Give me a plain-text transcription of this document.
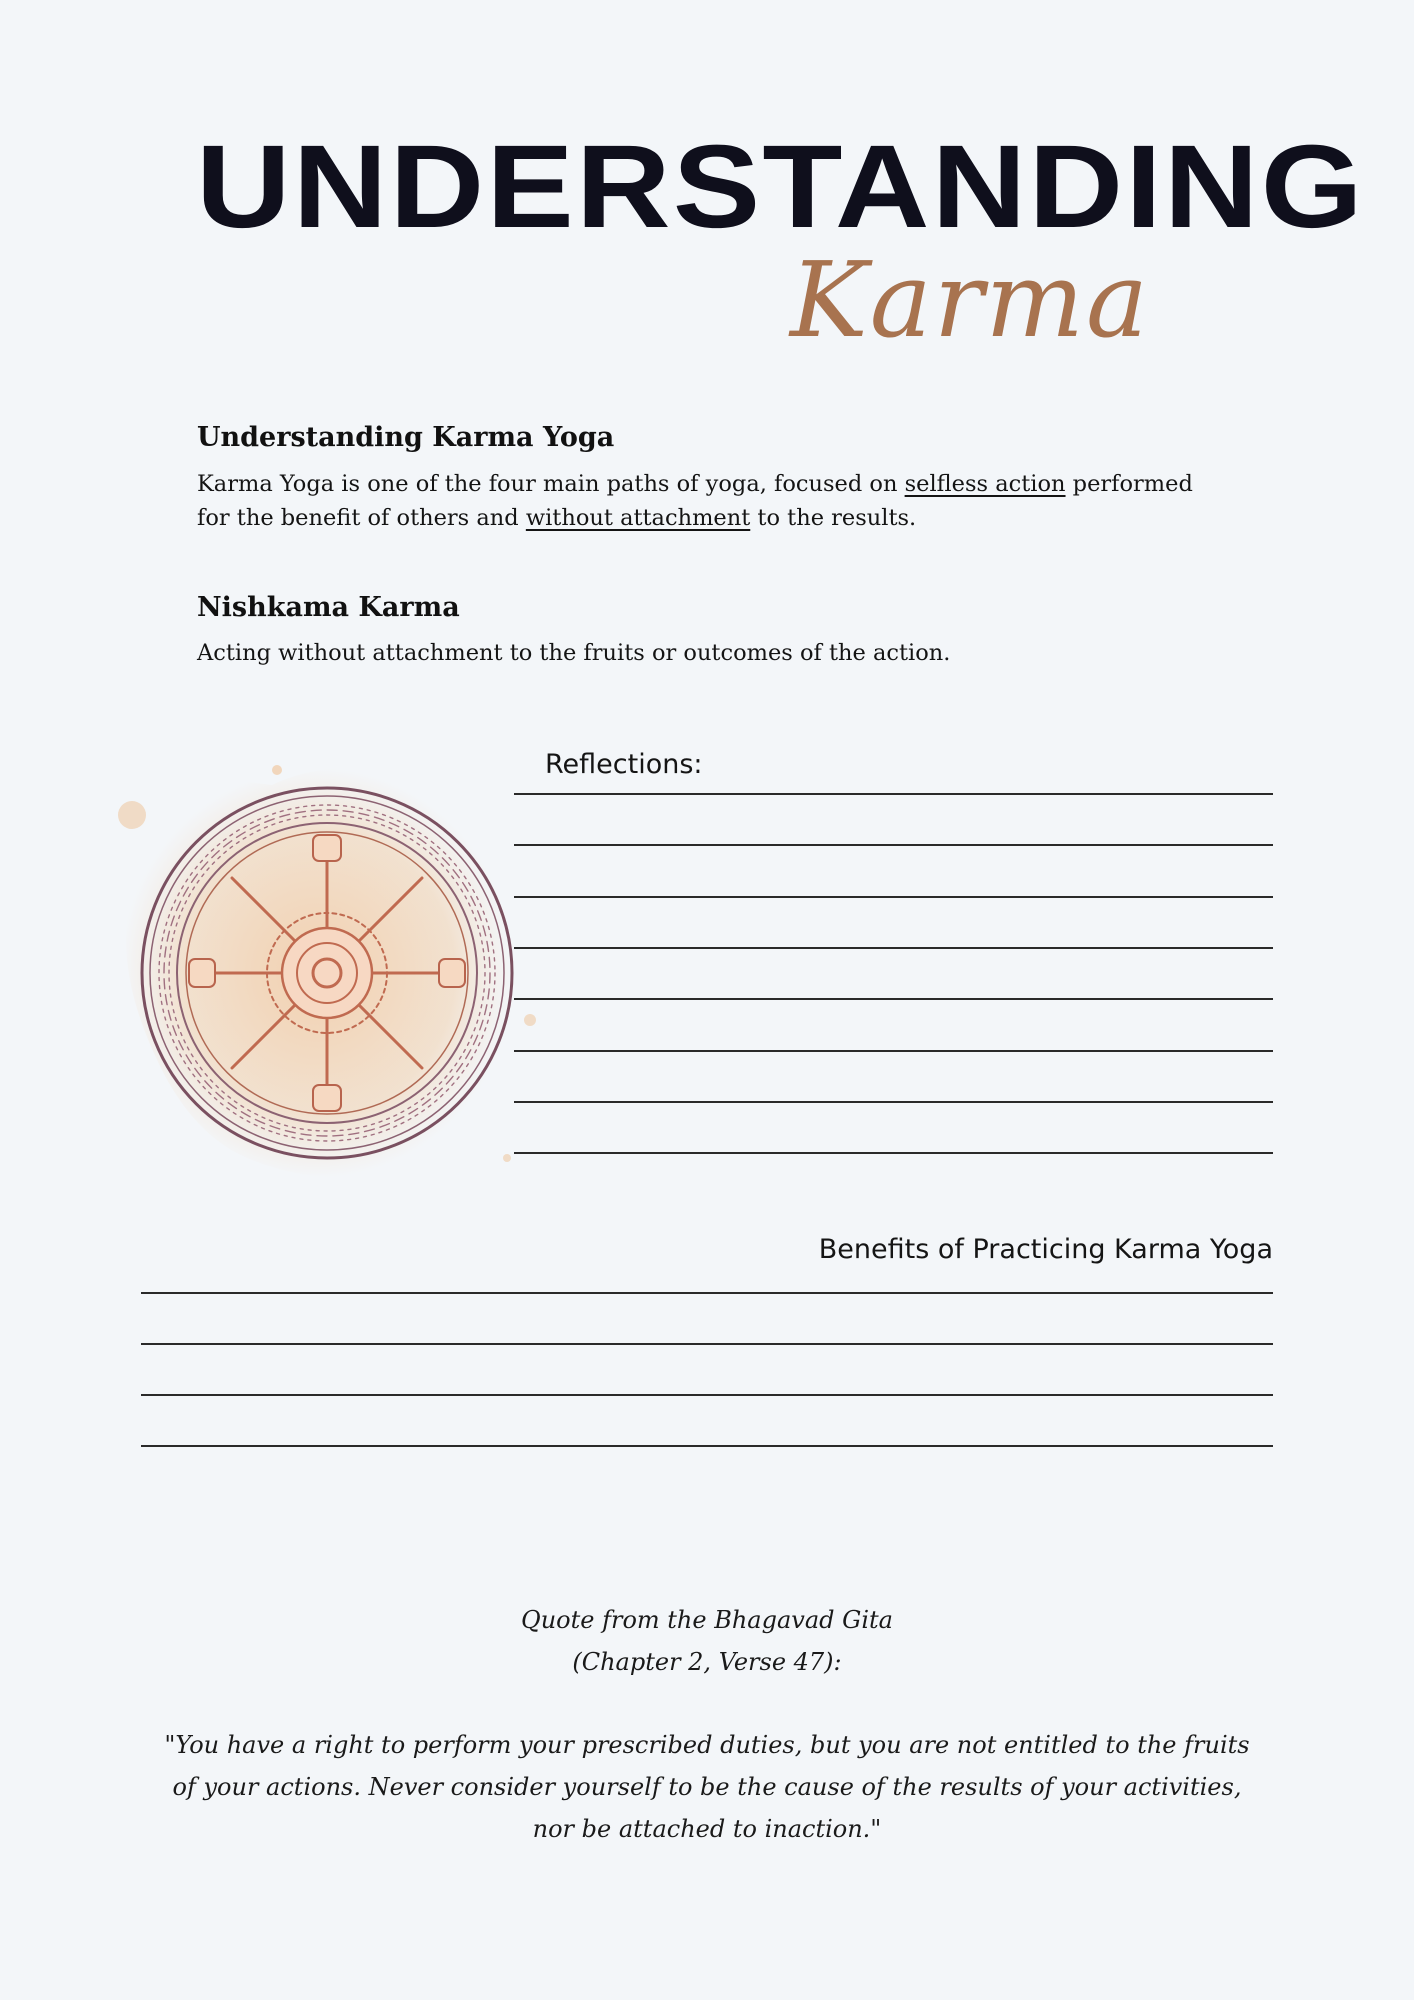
UNDERSTANDING
Karma
Understanding Karma Yoga
Karma Yoga is one of the four main paths of yoga, focused on selfless action performed for the benefit of others and without attachment to the results.
Nishkama Karma
Acting without attachment to the fruits or outcomes of the action.
Reflections:
Benefits of Practicing Karma Yoga
Quote from the Bhagavad Gita
(Chapter 2, Verse 47):
"You have a right to perform your prescribed duties, but you are not entitled to the fruits of your actions. Never consider yourself to be the cause of the results of your activities, nor be attached to inaction."
